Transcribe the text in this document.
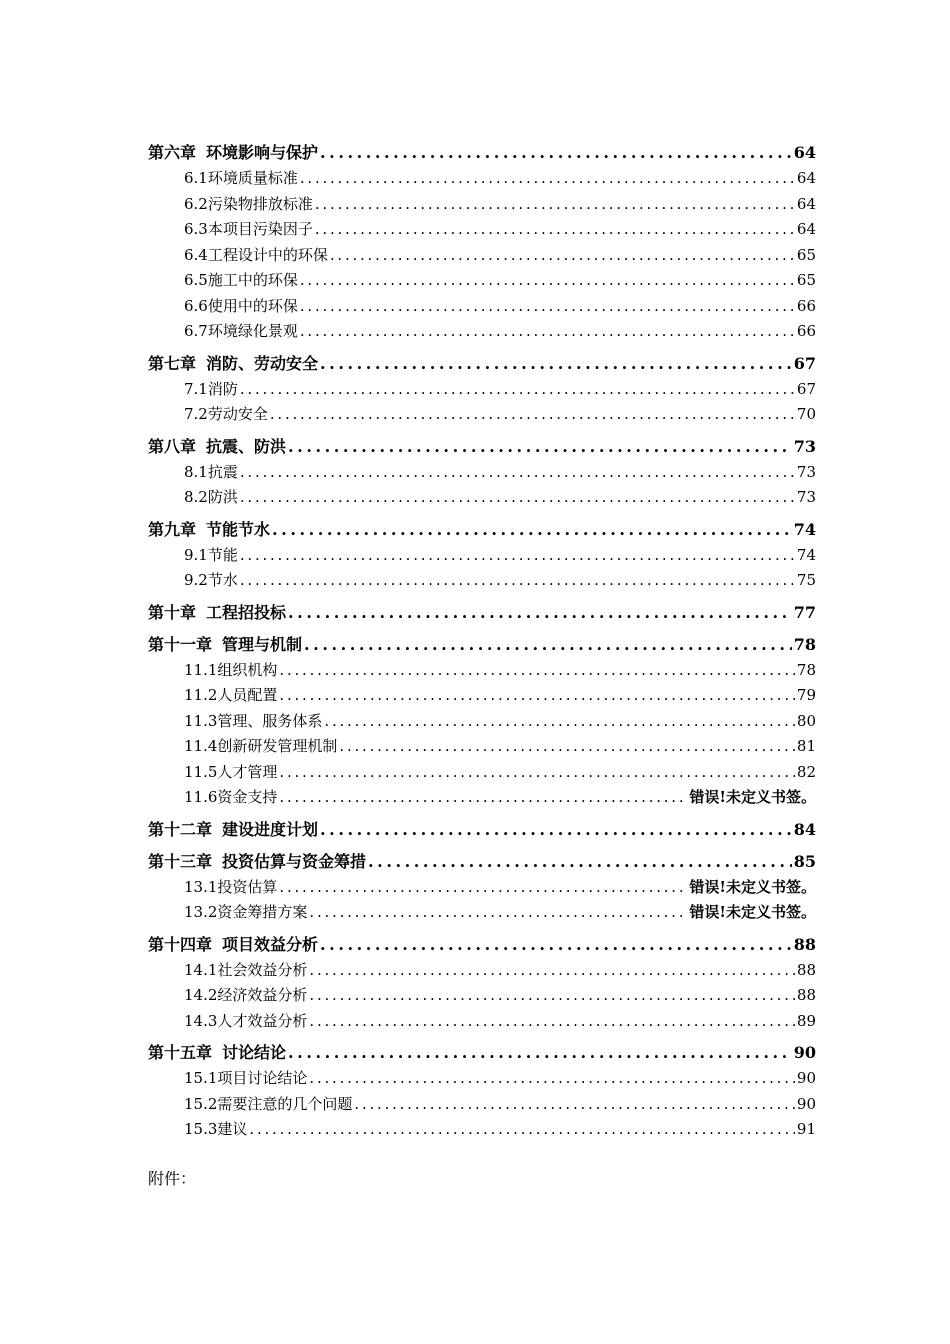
第六章 环境影响与保护 . . .	64
6.1 环境质量标准 . . .	64
6.2 污染物排放标准 . . .	64
6.3 本项目污染因子 . . .	64
6.4 工程设计中的环保 . . .	65
6.5 施工中的环保 . . .	65
6.6 使用中的环保 . . .	66
6.7 环境绿化景观 . . .	66
第七章 消防、劳动安全 . . .	67
7.1 消防 . . .	67
7.2 劳动安全 . . .	70
第八章 抗震、防洪 . . .	73
8.1 抗震 . . .	73
8.2 防洪 . . .	73
第九章 节能节水 . . .	74
9.1 节能 . . .	74
9.2 节水 . . .	75
第十章 工程招投标 . . .	77
第十一章 管理与机制 . . .	78
11.1 组织机构 . . .	78
11.2 人员配置 . . .	79
11.3 管理、服务体系 . . .	80
11.4 创新研发管理机制 . . .	81
11.5 人才管理 . . .	82
11.6 资金支持 . . .	错误!未定义书签。
第十二章 建设进度计划 . . .	84
第十三章 投资估算与资金筹措 . . .	85
13.1 投资估算 . . .	错误!未定义书签。
13.2 资金筹措方案 . . .	错误!未定义书签。
第十四章 项目效益分析 . . .	88
14.1 社会效益分析 . . .	88
14.2 经济效益分析 . . .	88
14.3 人才效益分析 . . .	89
第十五章 讨论结论 . . .	90
15.1 项目讨论结论 . . .	90
15.2 需要注意的几个问题 . . .	90
15.3 建议 . . .	91
附件：
